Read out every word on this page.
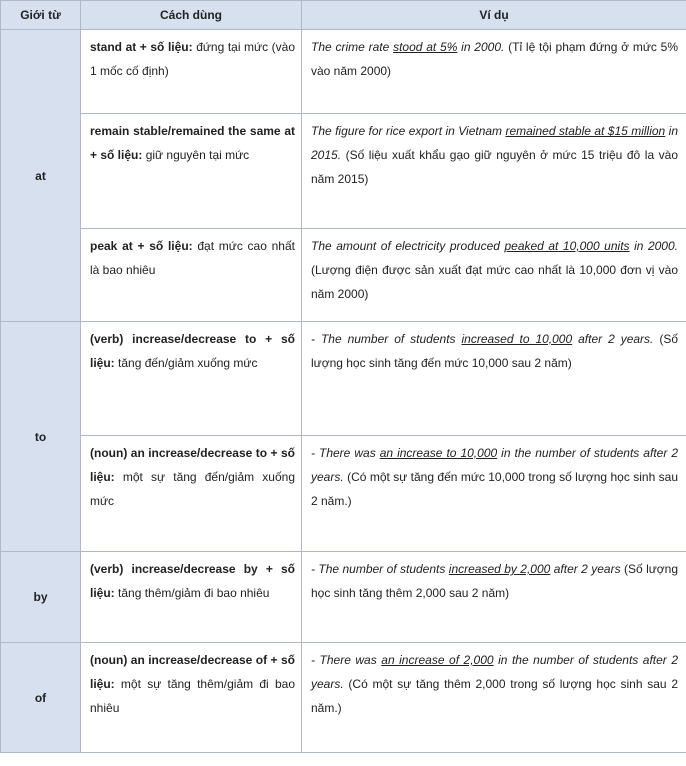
Giới từ	Cách dùng	Ví dụ
at	stand at + số liệu: đứng tại mức (vào 1 mốc cố định)	The crime rate stood at 5% in 2000. (Tỉ lệ tội phạm đứng ở mức 5% vào năm 2000)
	remain stable/remained the same at + số liệu: giữ nguyên tại mức	The figure for rice export in Vietnam remained stable at $15 million in 2015. (Số liệu xuất khẩu gạo giữ nguyên ở mức 15 triệu đô la vào năm 2015)
	peak at + số liệu: đạt mức cao nhất là bao nhiêu	The amount of electricity produced peaked at 10,000 units in 2000. (Lượng điện được sản xuất đạt mức cao nhất là 10,000 đơn vị vào năm 2000)
to	(verb) increase/decrease to + số liệu: tăng đến/giảm xuống mức	- The number of students increased to 10,000 after 2 years. (Số lượng học sinh tăng đến mức 10,000 sau 2 năm)
	(noun) an increase/decrease to + số liệu: một sự tăng đến/giảm xuống mức	- There was an increase to 10,000 in the number of students after 2 years. (Có một sự tăng đến mức 10,000 trong số lượng học sinh sau 2 năm.)
by	(verb) increase/decrease by + số liệu: tăng thêm/giảm đi bao nhiêu	- The number of students increased by 2,000 after 2 years (Số lượng học sinh tăng thêm 2,000 sau 2 năm)
of	(noun) an increase/decrease of + số liệu: một sự tăng thêm/giảm đi bao nhiêu	- There was an increase of 2,000 in the number of students after 2 years. (Có một sự tăng thêm 2,000 trong số lượng học sinh sau 2 năm.)
